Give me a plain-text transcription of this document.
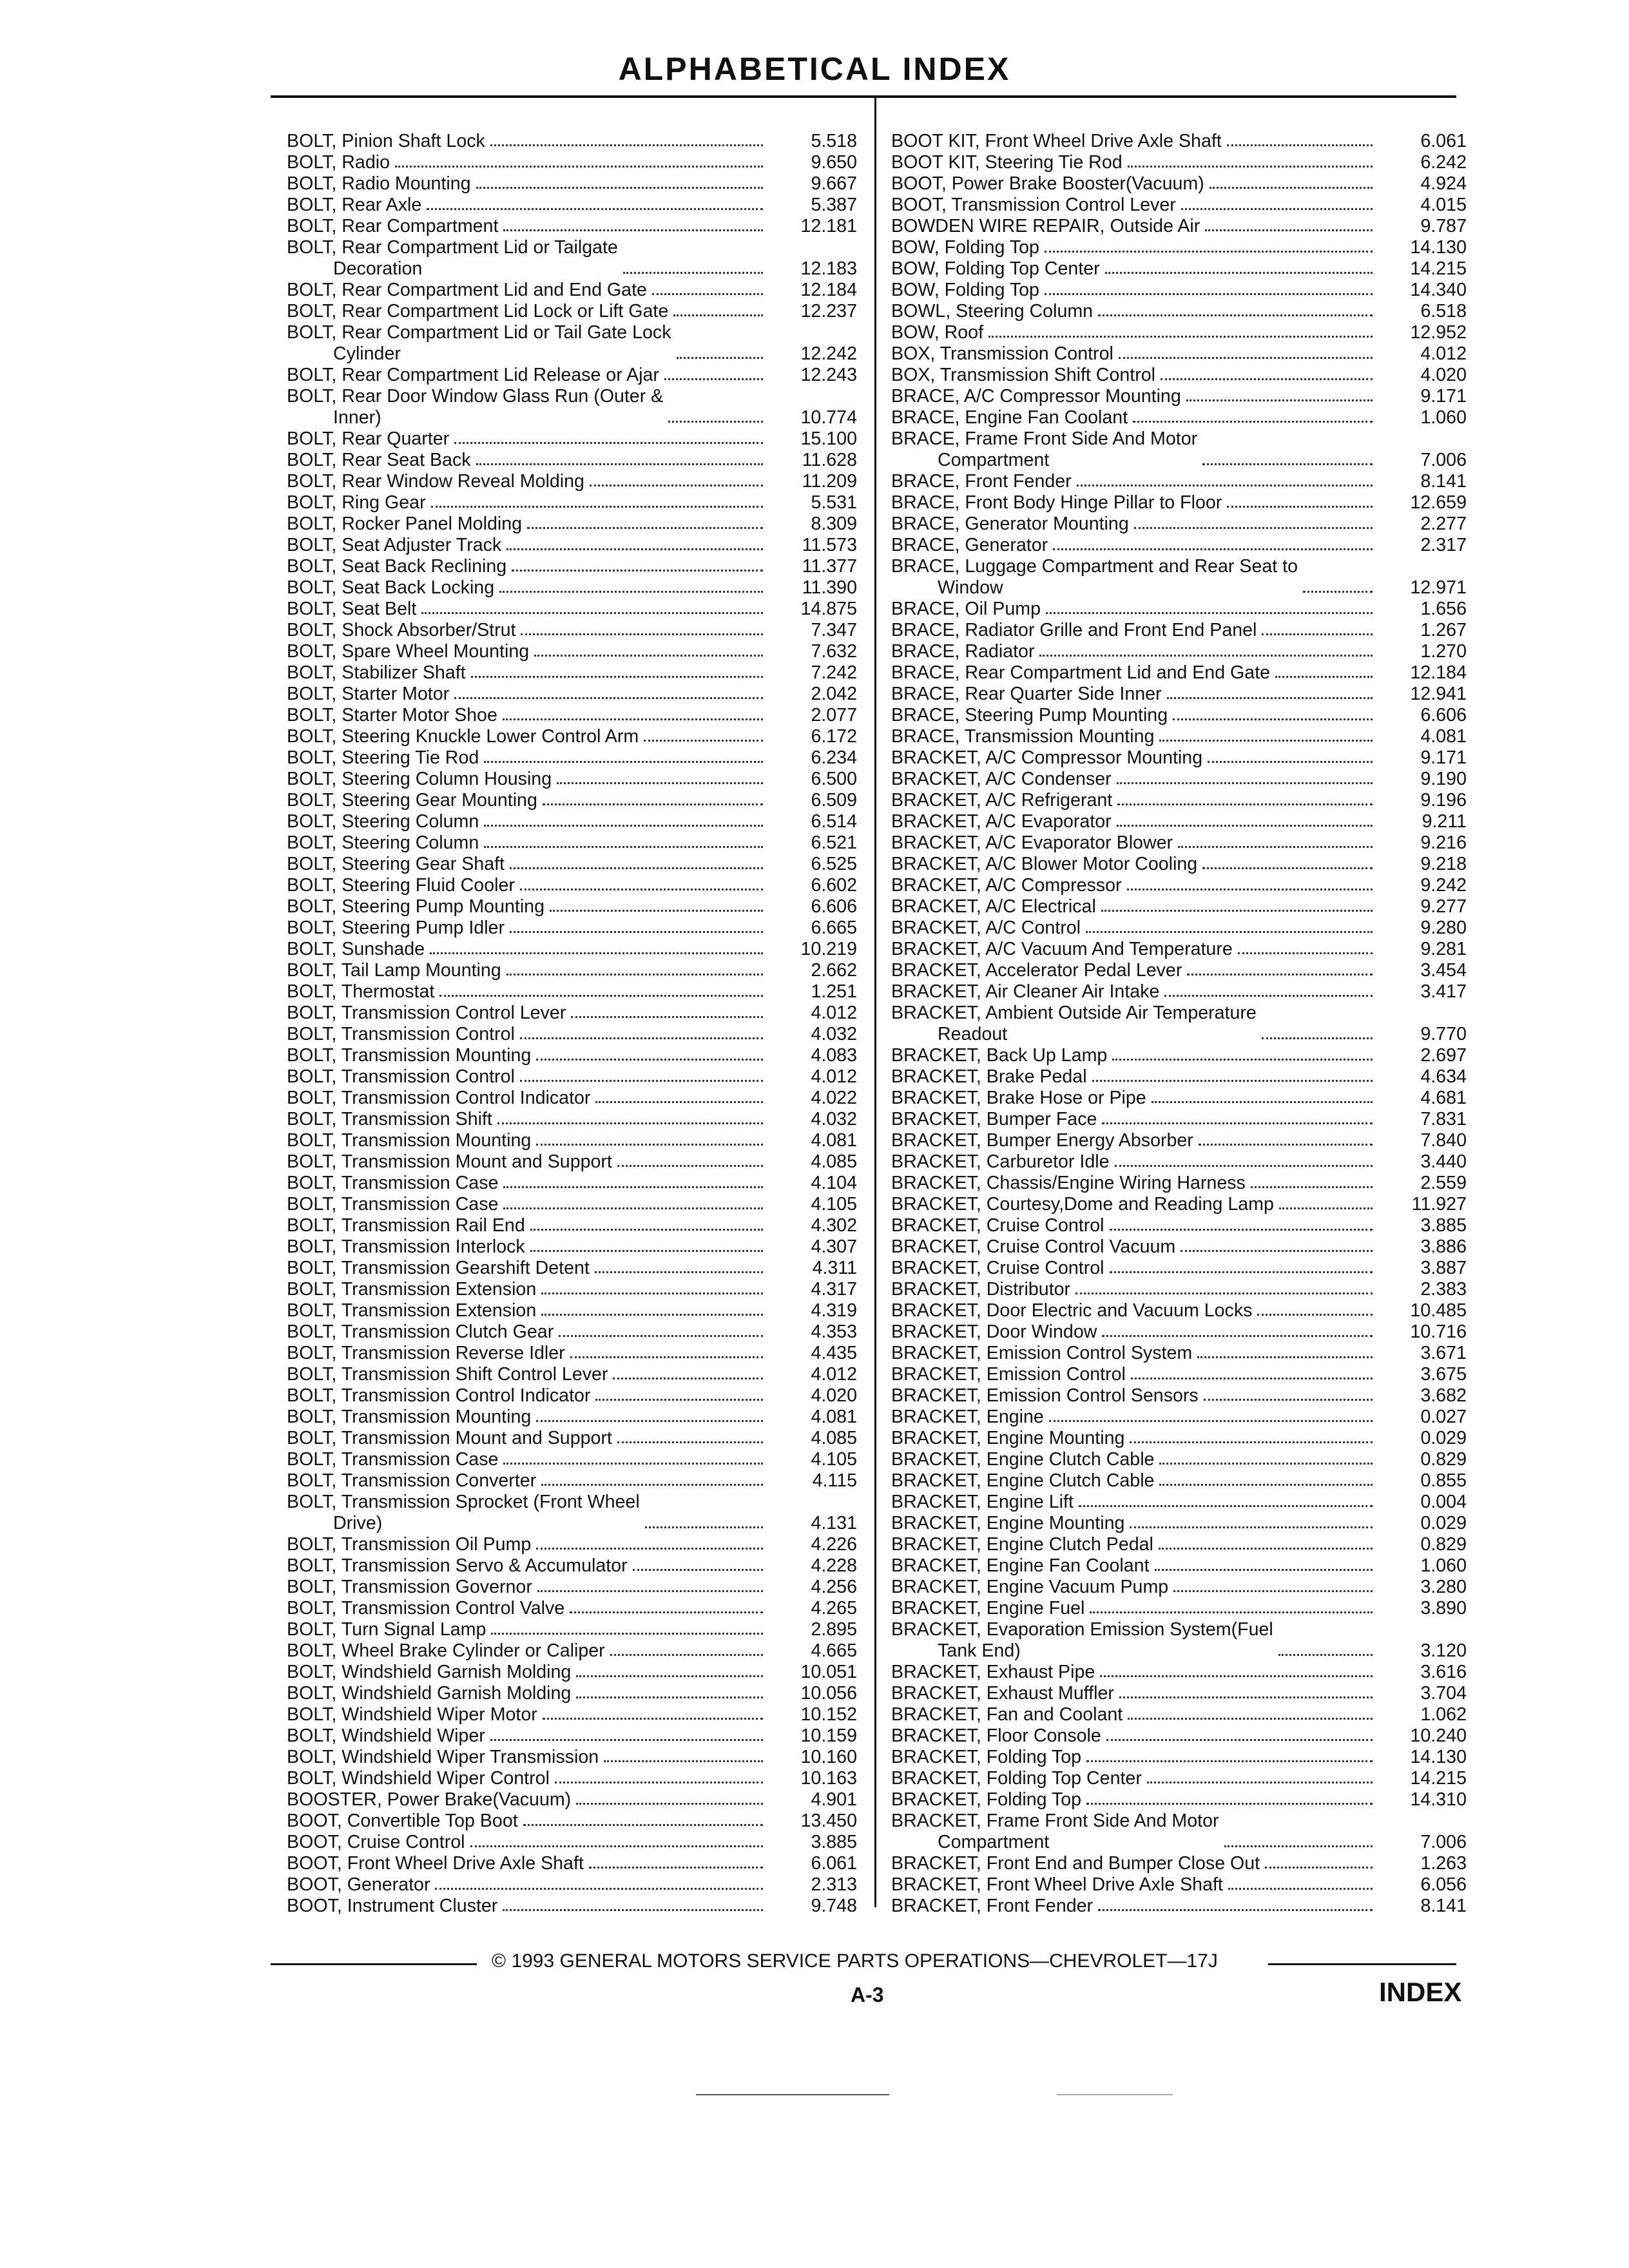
ALPHABETICAL INDEX
BOLT, Pinion Shaft Lock	5.518
BOLT, Radio	9.650
BOLT, Radio Mounting	9.667
BOLT, Rear Axle	5.387
BOLT, Rear Compartment	12.181
BOLT, Rear Compartment Lid or Tailgate
Decoration	12.183
BOLT, Rear Compartment Lid and End Gate	12.184
BOLT, Rear Compartment Lid Lock or Lift Gate	12.237
BOLT, Rear Compartment Lid or Tail Gate Lock
Cylinder	12.242
BOLT, Rear Compartment Lid Release or Ajar	12.243
BOLT, Rear Door Window Glass Run (Outer &
Inner)	10.774
BOLT, Rear Quarter	15.100
BOLT, Rear Seat Back	11.628
BOLT, Rear Window Reveal Molding	11.209
BOLT, Ring Gear	5.531
BOLT, Rocker Panel Molding	8.309
BOLT, Seat Adjuster Track	11.573
BOLT, Seat Back Reclining	11.377
BOLT, Seat Back Locking	11.390
BOLT, Seat Belt	14.875
BOLT, Shock Absorber/Strut	7.347
BOLT, Spare Wheel Mounting	7.632
BOLT, Stabilizer Shaft	7.242
BOLT, Starter Motor	2.042
BOLT, Starter Motor Shoe	2.077
BOLT, Steering Knuckle Lower Control Arm	6.172
BOLT, Steering Tie Rod	6.234
BOLT, Steering Column Housing	6.500
BOLT, Steering Gear Mounting	6.509
BOLT, Steering Column	6.514
BOLT, Steering Column	6.521
BOLT, Steering Gear Shaft	6.525
BOLT, Steering Fluid Cooler	6.602
BOLT, Steering Pump Mounting	6.606
BOLT, Steering Pump Idler	6.665
BOLT, Sunshade	10.219
BOLT, Tail Lamp Mounting	2.662
BOLT, Thermostat	1.251
BOLT, Transmission Control Lever	4.012
BOLT, Transmission Control	4.032
BOLT, Transmission Mounting	4.083
BOLT, Transmission Control	4.012
BOLT, Transmission Control Indicator	4.022
BOLT, Transmission Shift	4.032
BOLT, Transmission Mounting	4.081
BOLT, Transmission Mount and Support	4.085
BOLT, Transmission Case	4.104
BOLT, Transmission Case	4.105
BOLT, Transmission Rail End	4.302
BOLT, Transmission Interlock	4.307
BOLT, Transmission Gearshift Detent	4.311
BOLT, Transmission Extension	4.317
BOLT, Transmission Extension	4.319
BOLT, Transmission Clutch Gear	4.353
BOLT, Transmission Reverse Idler	4.435
BOLT, Transmission Shift Control Lever	4.012
BOLT, Transmission Control Indicator	4.020
BOLT, Transmission Mounting	4.081
BOLT, Transmission Mount and Support	4.085
BOLT, Transmission Case	4.105
BOLT, Transmission Converter	4.115
BOLT, Transmission Sprocket (Front Wheel
Drive)	4.131
BOLT, Transmission Oil Pump	4.226
BOLT, Transmission Servo & Accumulator	4.228
BOLT, Transmission Governor	4.256
BOLT, Transmission Control Valve	4.265
BOLT, Turn Signal Lamp	2.895
BOLT, Wheel Brake Cylinder or Caliper	4.665
BOLT, Windshield Garnish Molding	10.051
BOLT, Windshield Garnish Molding	10.056
BOLT, Windshield Wiper Motor	10.152
BOLT, Windshield Wiper	10.159
BOLT, Windshield Wiper Transmission	10.160
BOLT, Windshield Wiper Control	10.163
BOOSTER, Power Brake(Vacuum)	4.901
BOOT, Convertible Top Boot	13.450
BOOT, Cruise Control	3.885
BOOT, Front Wheel Drive Axle Shaft	6.061
BOOT, Generator	2.313
BOOT, Instrument Cluster	9.748
BOOT KIT, Front Wheel Drive Axle Shaft	6.061
BOOT KIT, Steering Tie Rod	6.242
BOOT, Power Brake Booster(Vacuum)	4.924
BOOT, Transmission Control Lever	4.015
BOWDEN WIRE REPAIR, Outside Air	9.787
BOW, Folding Top	14.130
BOW, Folding Top Center	14.215
BOW, Folding Top	14.340
BOWL, Steering Column	6.518
BOW, Roof	12.952
BOX, Transmission Control	4.012
BOX, Transmission Shift Control	4.020
BRACE, A/C Compressor Mounting	9.171
BRACE, Engine Fan Coolant	1.060
BRACE, Frame Front Side And Motor
Compartment	7.006
BRACE, Front Fender	8.141
BRACE, Front Body Hinge Pillar to Floor	12.659
BRACE, Generator Mounting	2.277
BRACE, Generator	2.317
BRACE, Luggage Compartment and Rear Seat to
Window	12.971
BRACE, Oil Pump	1.656
BRACE, Radiator Grille and Front End Panel	1.267
BRACE, Radiator	1.270
BRACE, Rear Compartment Lid and End Gate	12.184
BRACE, Rear Quarter Side Inner	12.941
BRACE, Steering Pump Mounting	6.606
BRACE, Transmission Mounting	4.081
BRACKET, A/C Compressor Mounting	9.171
BRACKET, A/C Condenser	9.190
BRACKET, A/C Refrigerant	9.196
BRACKET, A/C Evaporator	9.211
BRACKET, A/C Evaporator Blower	9.216
BRACKET, A/C Blower Motor Cooling	9.218
BRACKET, A/C Compressor	9.242
BRACKET, A/C Electrical	9.277
BRACKET, A/C Control	9.280
BRACKET, A/C Vacuum And Temperature	9.281
BRACKET, Accelerator Pedal Lever	3.454
BRACKET, Air Cleaner Air Intake	3.417
BRACKET, Ambient Outside Air Temperature
Readout	9.770
BRACKET, Back Up Lamp	2.697
BRACKET, Brake Pedal	4.634
BRACKET, Brake Hose or Pipe	4.681
BRACKET, Bumper Face	7.831
BRACKET, Bumper Energy Absorber	7.840
BRACKET, Carburetor Idle	3.440
BRACKET, Chassis/Engine Wiring Harness	2.559
BRACKET, Courtesy,Dome and Reading Lamp	11.927
BRACKET, Cruise Control	3.885
BRACKET, Cruise Control Vacuum	3.886
BRACKET, Cruise Control	3.887
BRACKET, Distributor	2.383
BRACKET, Door Electric and Vacuum Locks	10.485
BRACKET, Door Window	10.716
BRACKET, Emission Control System	3.671
BRACKET, Emission Control	3.675
BRACKET, Emission Control Sensors	3.682
BRACKET, Engine	0.027
BRACKET, Engine Mounting	0.029
BRACKET, Engine Clutch Cable	0.829
BRACKET, Engine Clutch Cable	0.855
BRACKET, Engine Lift	0.004
BRACKET, Engine Mounting	0.029
BRACKET, Engine Clutch Pedal	0.829
BRACKET, Engine Fan Coolant	1.060
BRACKET, Engine Vacuum Pump	3.280
BRACKET, Engine Fuel	3.890
BRACKET, Evaporation Emission System(Fuel
Tank End)	3.120
BRACKET, Exhaust Pipe	3.616
BRACKET, Exhaust Muffler	3.704
BRACKET, Fan and Coolant	1.062
BRACKET, Floor Console	10.240
BRACKET, Folding Top	14.130
BRACKET, Folding Top Center	14.215
BRACKET, Folding Top	14.310
BRACKET, Frame Front Side And Motor
Compartment	7.006
BRACKET, Front End and Bumper Close Out	1.263
BRACKET, Front Wheel Drive Axle Shaft	6.056
BRACKET, Front Fender	8.141
© 1993 GENERAL MOTORS SERVICE PARTS OPERATIONS—CHEVROLET—17J
A-3	INDEX
